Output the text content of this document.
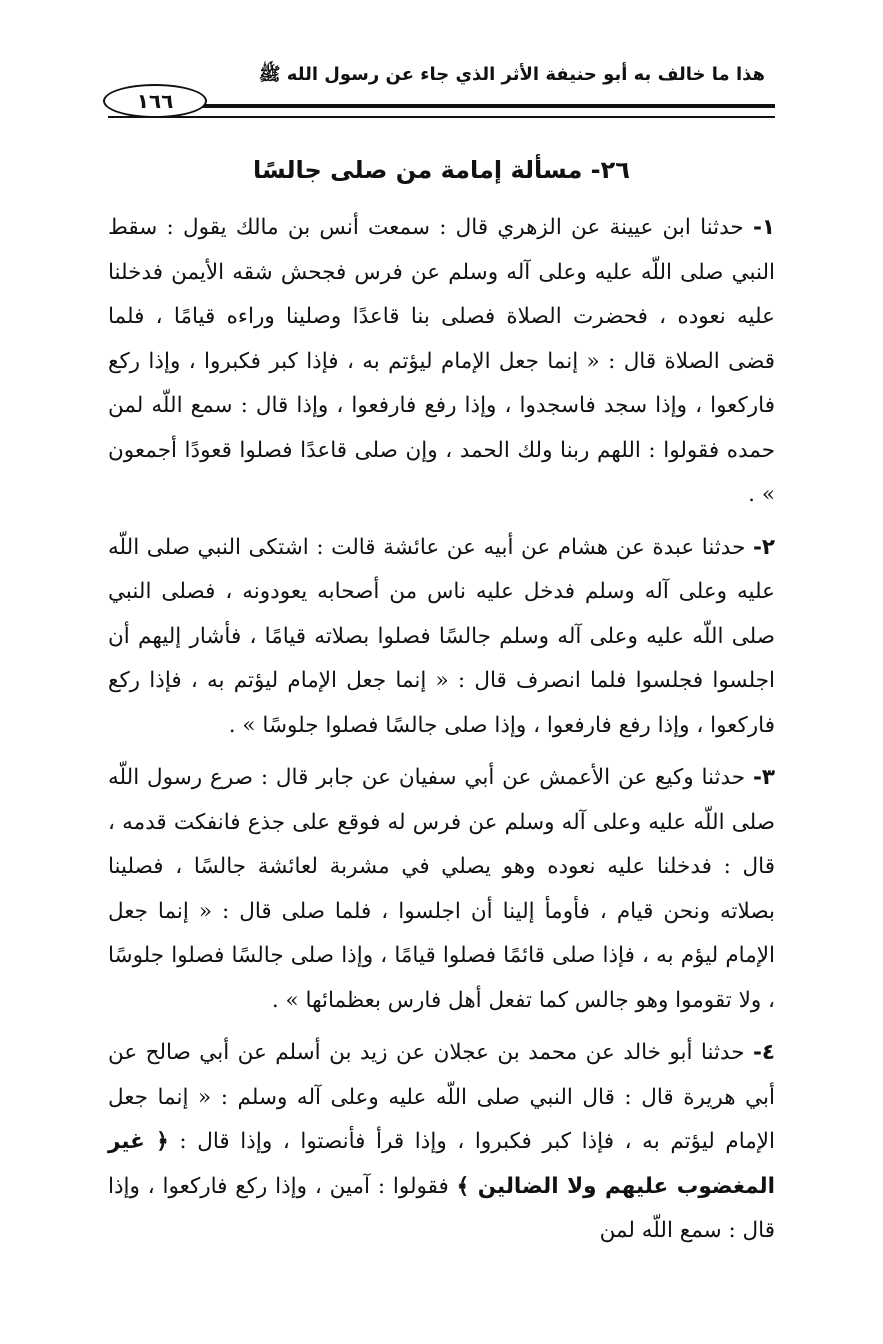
هذا ما خالف به أبو حنيفة الأثر الذي جاء عن رسول الله ﷺ
١٦٦
٢٦- مسألة إمامة من صلى جالسًا

١- حدثنا ابن عيينة عن الزهري قال : سمعت أنس بن مالك يقول : سقط النبي صلى اللّه عليه وعلى آله وسلم عن فرس فجحش شقه الأيمن فدخلنا عليه نعوده ، فحضرت الصلاة فصلى بنا قاعدًا وصلينا وراءه قيامًا ، فلما قضى الصلاة قال : « إنما جعل الإمام ليؤتم به ، فإذا كبر فكبروا ، وإذا ركع فاركعوا ، وإذا سجد فاسجدوا ، وإذا رفع فارفعوا ، وإذا قال : سمع اللّه لمن حمده فقولوا : اللهم ربنا ولك الحمد ، وإن صلى قاعدًا فصلوا قعودًا أجمعون » .

٢- حدثنا عبدة عن هشام عن أبيه عن عائشة قالت : اشتكى النبي صلى اللّه عليه وعلى آله وسلم فدخل عليه ناس من أصحابه يعودونه ، فصلى النبي صلى اللّه عليه وعلى آله وسلم جالسًا فصلوا بصلاته قيامًا ، فأشار إليهم أن اجلسوا فجلسوا فلما انصرف قال : « إنما جعل الإمام ليؤتم به ، فإذا ركع فاركعوا ، وإذا رفع فارفعوا ، وإذا صلى جالسًا فصلوا جلوسًا » .

٣- حدثنا وكيع عن الأعمش عن أبي سفيان عن جابر قال : صرع رسول اللّه صلى اللّه عليه وعلى آله وسلم عن فرس له فوقع على جذع فانفكت قدمه ، قال : فدخلنا عليه نعوده وهو يصلي في مشربة لعائشة جالسًا ، فصلينا بصلاته ونحن قيام ، فأومأ إلينا أن اجلسوا ، فلما صلى قال : « إنما جعل الإمام ليؤم به ، فإذا صلى قائمًا فصلوا قيامًا ، وإذا صلى جالسًا فصلوا جلوسًا ، ولا تقوموا وهو جالس كما تفعل أهل فارس بعظمائها » .

٤- حدثنا أبو خالد عن محمد بن عجلان عن زيد بن أسلم عن أبي صالح عن أبي هريرة قال : قال النبي صلى اللّه عليه وعلى آله وسلم : « إنما جعل الإمام ليؤتم به ، فإذا كبر فكبروا ، وإذا قرأ فأنصتوا ، وإذا قال : ﴿ غير المغضوب عليهم ولا الضالين ﴾ فقولوا : آمين ، وإذا ركع فاركعوا ، وإذا قال : سمع اللّه لمن
